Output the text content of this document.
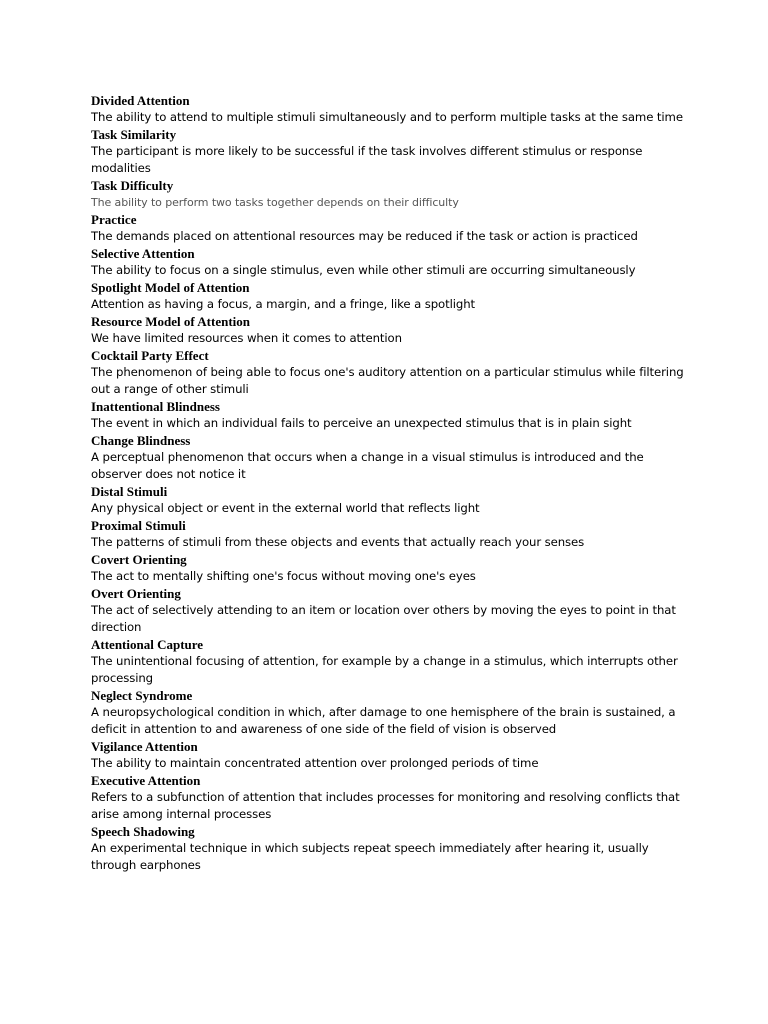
Divided Attention
The ability to attend to multiple stimuli simultaneously and to perform multiple tasks at the same time
Task Similarity
The participant is more likely to be successful if the task involves different stimulus or response modalities
Task Difficulty
The ability to perform two tasks together depends on their difficulty
Practice
The demands placed on attentional resources may be reduced if the task or action is practiced
Selective Attention
The ability to focus on a single stimulus, even while other stimuli are occurring simultaneously
Spotlight Model of Attention
Attention as having a focus, a margin, and a fringe, like a spotlight
Resource Model of Attention
We have limited resources when it comes to attention
Cocktail Party Effect
The phenomenon of being able to focus one's auditory attention on a particular stimulus while filtering out a range of other stimuli
Inattentional Blindness
The event in which an individual fails to perceive an unexpected stimulus that is in plain sight
Change Blindness
A perceptual phenomenon that occurs when a change in a visual stimulus is introduced and the observer does not notice it
Distal Stimuli
Any physical object or event in the external world that reflects light
Proximal Stimuli
The patterns of stimuli from these objects and events that actually reach your senses
Covert Orienting
The act to mentally shifting one's focus without moving one's eyes
Overt Orienting
The act of selectively attending to an item or location over others by moving the eyes to point in that direction
Attentional Capture
The unintentional focusing of attention, for example by a change in a stimulus, which interrupts other processing
Neglect Syndrome
A neuropsychological condition in which, after damage to one hemisphere of the brain is sustained, a deficit in attention to and awareness of one side of the field of vision is observed
Vigilance Attention
The ability to maintain concentrated attention over prolonged periods of time
Executive Attention
Refers to a subfunction of attention that includes processes for monitoring and resolving conflicts that arise among internal processes
Speech Shadowing
An experimental technique in which subjects repeat speech immediately after hearing it, usually through earphones
